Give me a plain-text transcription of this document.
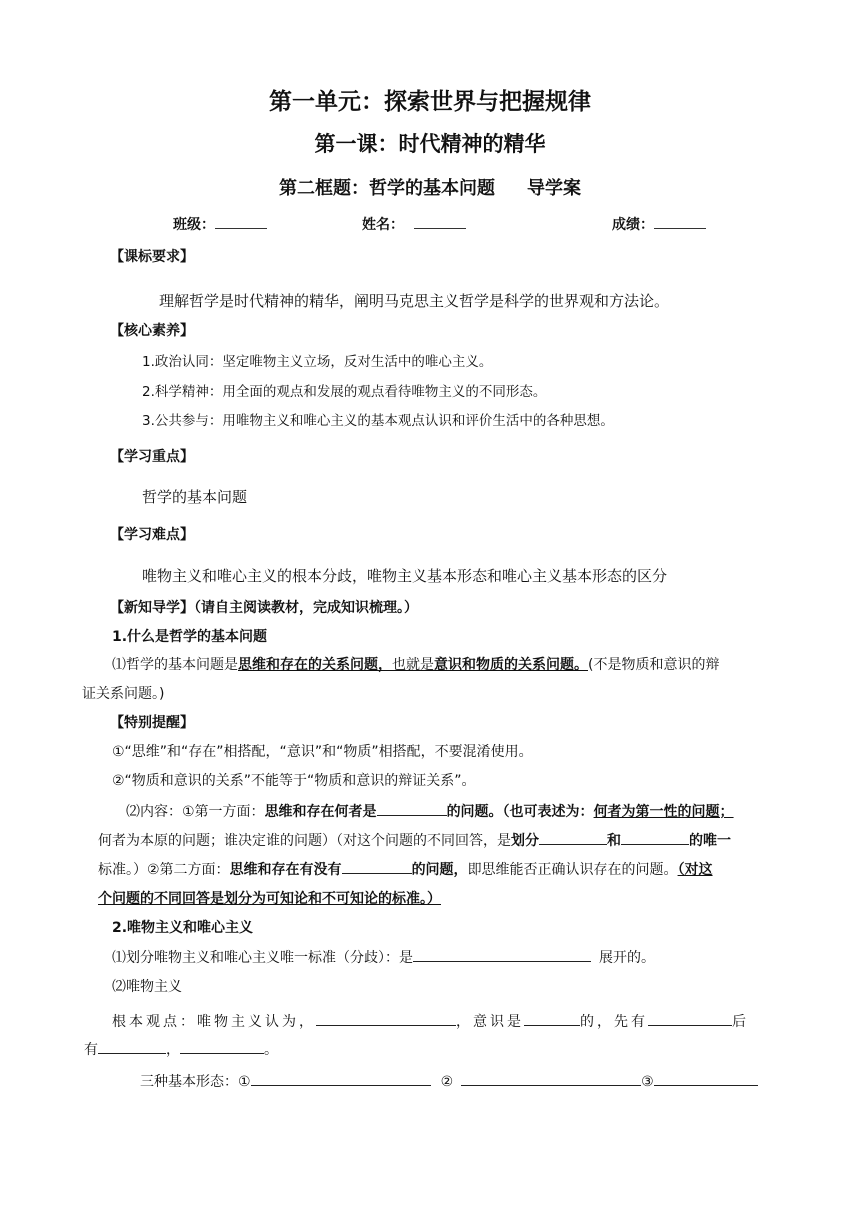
第一单元：探索世界与把握规律
第一课：时代精神的精华
第二框题：哲学的基本问题 导学案
班级：	姓名：	成绩：
【课标要求】
理解哲学是时代精神的精华，阐明马克思主义哲学是科学的世界观和方法论。
【核心素养】
1.政治认同：坚定唯物主义立场，反对生活中的唯心主义。
2.科学精神：用全面的观点和发展的观点看待唯物主义的不同形态。
3.公共参与：用唯物主义和唯心主义的基本观点认识和评价生活中的各种思想。
【学习重点】
哲学的基本问题
【学习难点】
唯物主义和唯心主义的根本分歧，唯物主义基本形态和唯心主义基本形态的区分
【新知导学】（请自主阅读教材，完成知识梳理。）
1.什么是哲学的基本问题
⑴哲学的基本问题是思维和存在的关系问题，也就是意识和物质的关系问题。(不是物质和意识的辩
证关系问题。)
【特别提醒】
①“思维”和“存在”相搭配，“意识”和“物质”相搭配，不要混淆使用。
②“物质和意识的关系”不能等于“物质和意识的辩证关系”。
⑵内容：①第一方面：思维和存在何者是	的问题。（也可表述为：何者为第一性的问题；
何者为本原的问题；谁决定谁的问题）（对这个问题的不同回答，是划分	和	的唯一
标准。）②第二方面：思维和存在有没有	的问题，即思维能否正确认识存在的问题。（对这
个问题的不同回答是划分为可知论和不可知论的标准。）
2.唯物主义和唯心主义
⑴划分唯物主义和唯心主义唯一标准（分歧）：是	展开的。
⑵唯物主义
根本观点：唯物主义认为，	，意识是	的，先有	后
有	，	。
三种基本形态：①	②	③
